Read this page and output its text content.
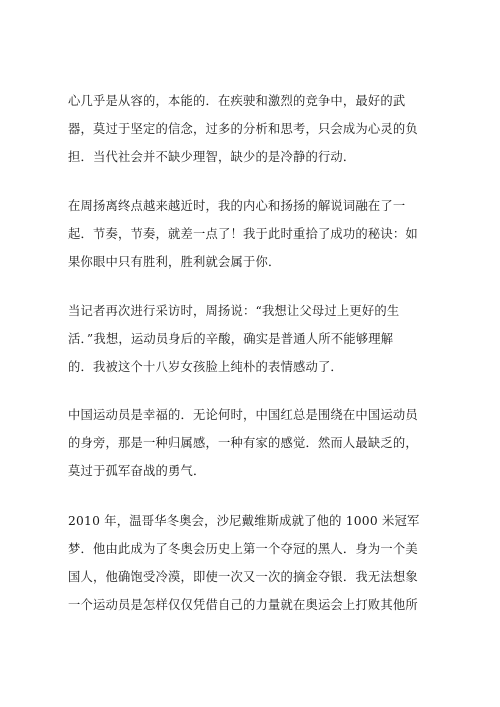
心几乎是从容的，本能的．在疾驶和激烈的竞争中，最好的武
器，莫过于坚定的信念，过多的分析和思考，只会成为心灵的负
担．当代社会并不缺少理智，缺少的是冷静的行动．
在周扬离终点越来越近时，我的内心和扬扬的解说词融在了一
起．节奏，节奏，就差一点了！我于此时重拾了成功的秘诀：如
果你眼中只有胜利，胜利就会属于你．
当记者再次进行采访时，周扬说：“我想让父母过上更好的生
活．”我想，运动员身后的辛酸，确实是普通人所不能够理解
的．我被这个十八岁女孩脸上纯朴的表情感动了．
中国运动员是幸福的．无论何时，中国红总是围绕在中国运动员
的身旁，那是一种归属感，一种有家的感觉．然而人最缺乏的，
莫过于孤军奋战的勇气．
2010 年，温哥华冬奥会，沙尼戴维斯成就了他的 1000 米冠军
梦．他由此成为了冬奥会历史上第一个夺冠的黑人．身为一个美
国人，他确饱受冷漠，即使一次又一次的摘金夺银．我无法想象
一个运动员是怎样仅仅凭借自己的力量就在奥运会上打败其他所
